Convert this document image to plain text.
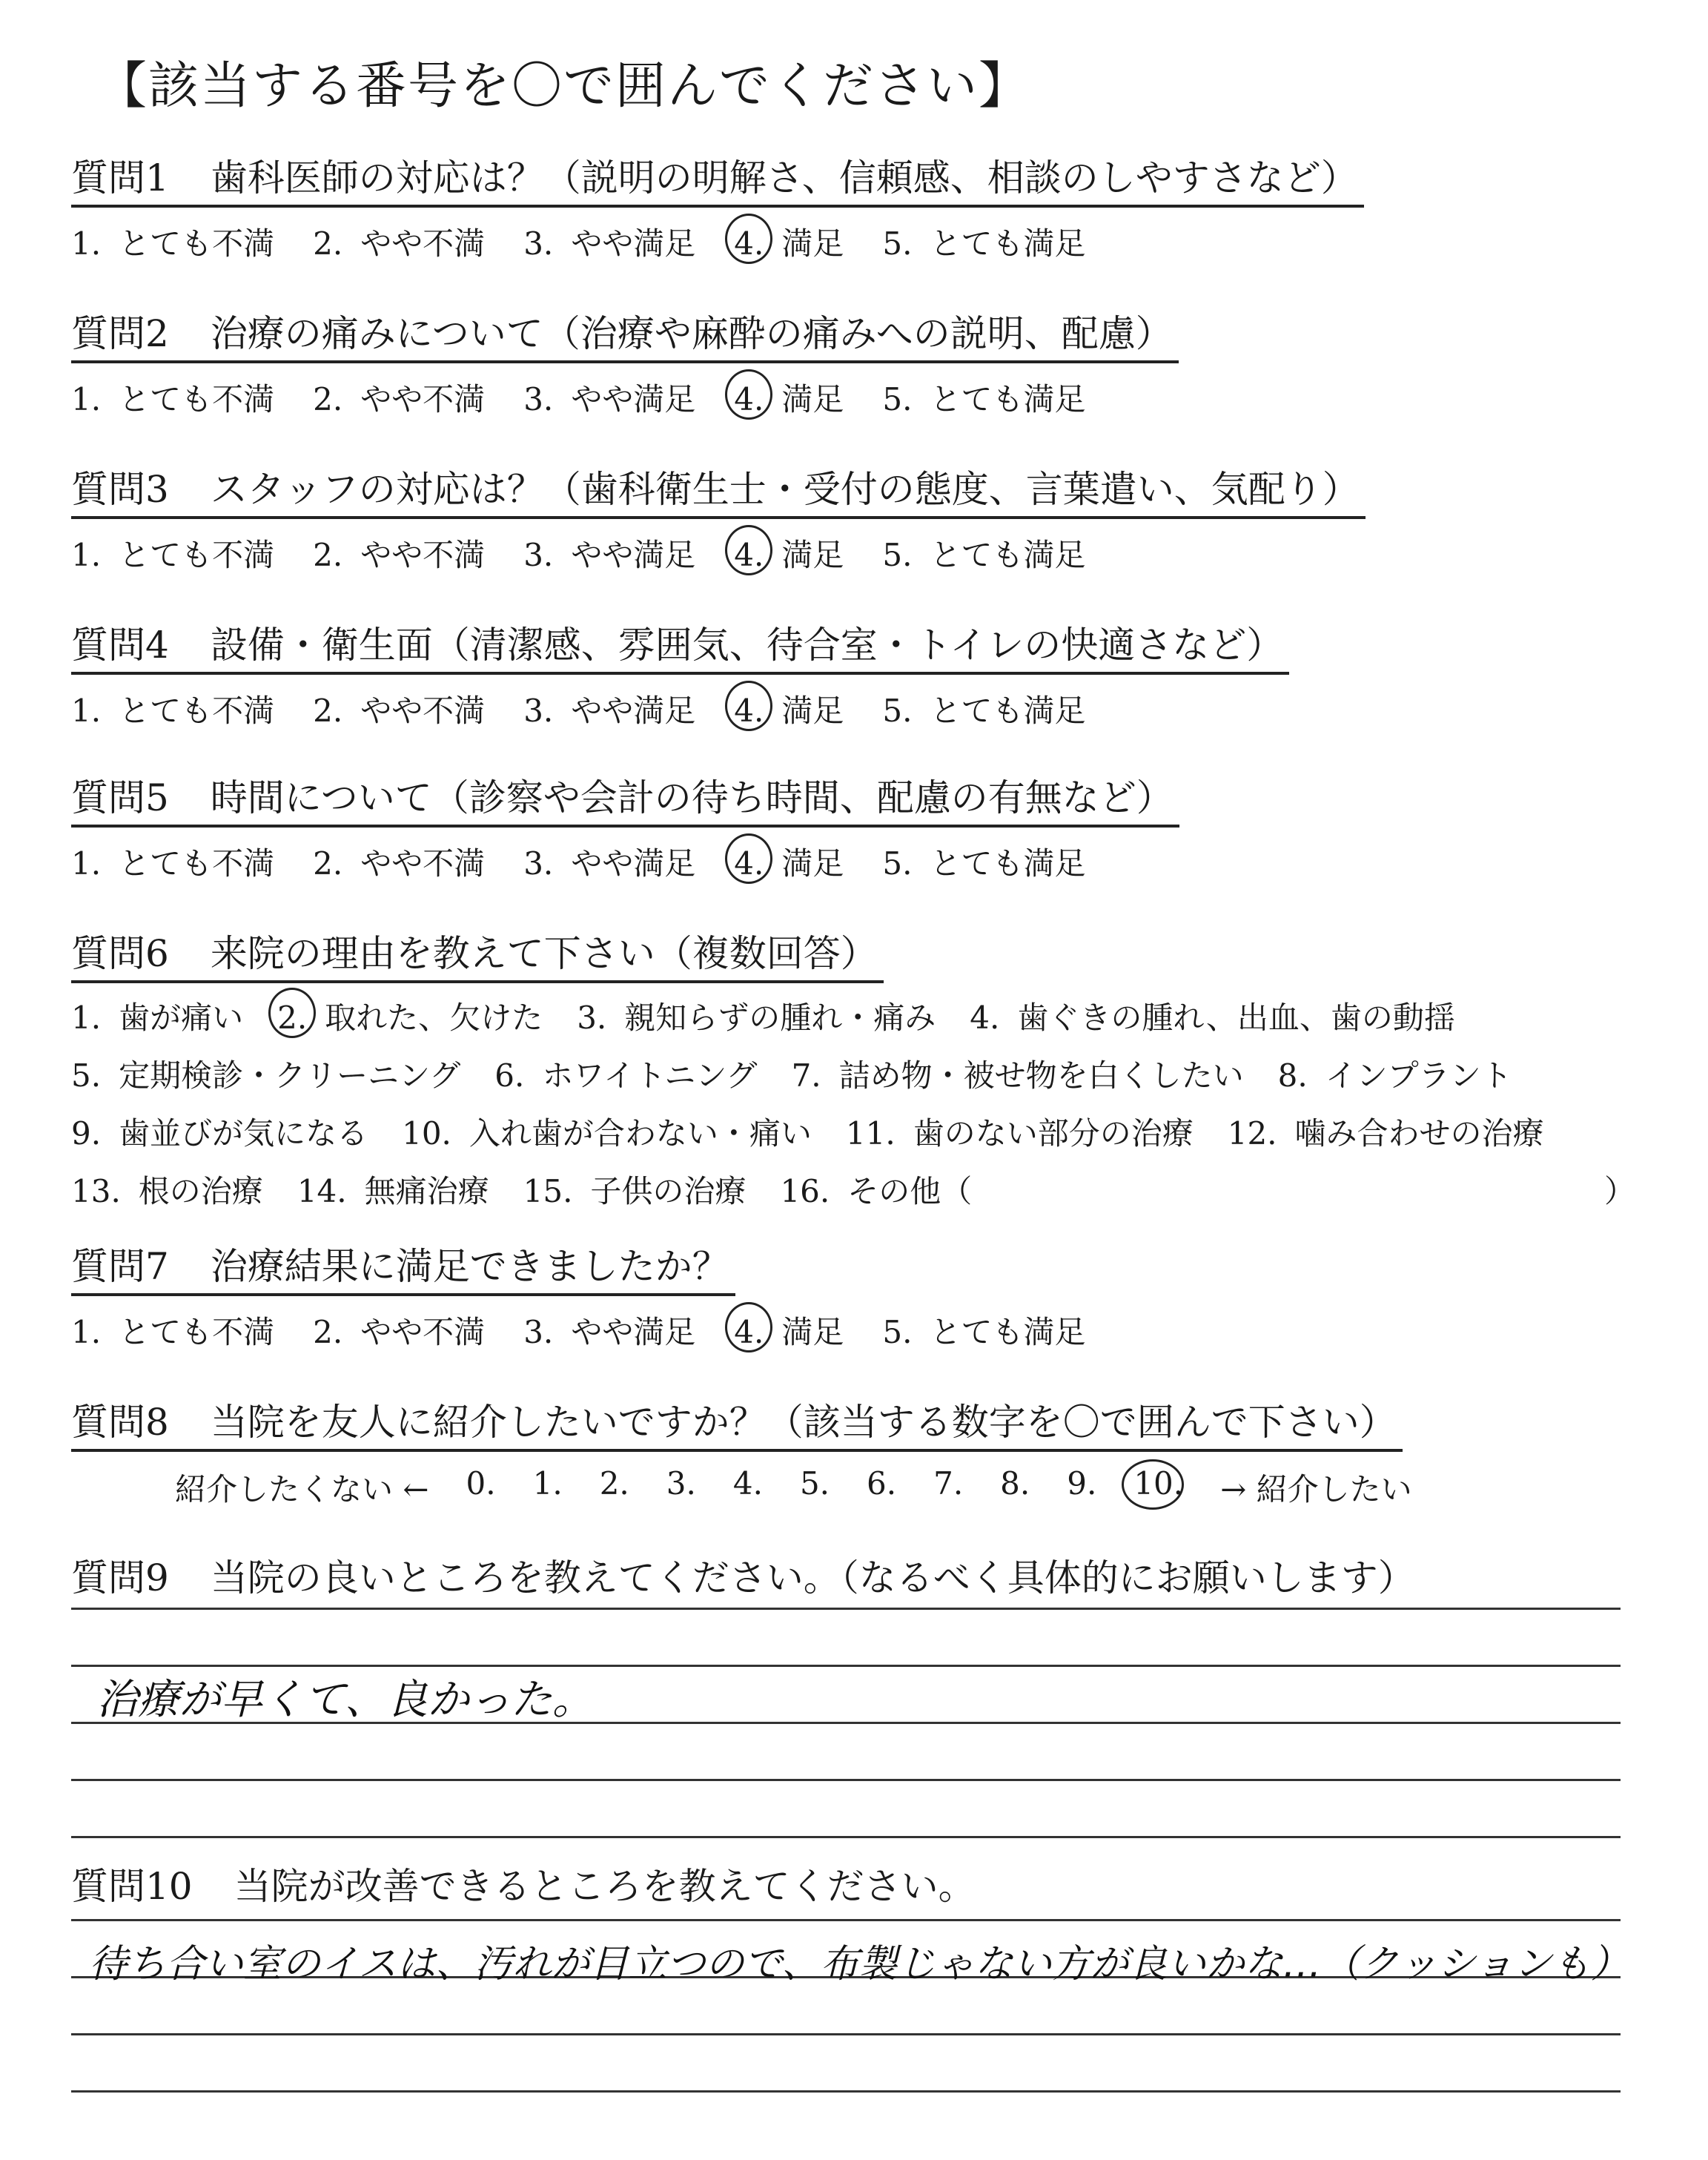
【該当する番号を〇で囲んでください】
質問1 歯科医師の対応は？（説明の明解さ、信頼感、相談のしやすさなど）
1. とても不満 2. やや不満 3. やや満足 4. 満足 5. とても満足
質問2 治療の痛みについて（治療や麻酔の痛みへの説明、配慮）
1. とても不満 2. やや不満 3. やや満足 4. 満足 5. とても満足
質問3 スタッフの対応は？（歯科衛生士・受付の態度、言葉遣い、気配り）
1. とても不満 2. やや不満 3. やや満足 4. 満足 5. とても満足
質問4 設備・衛生面（清潔感、雰囲気、待合室・トイレの快適さなど）
1. とても不満 2. やや不満 3. やや満足 4. 満足 5. とても満足
質問5 時間について（診察や会計の待ち時間、配慮の有無など）
1. とても不満 2. やや不満 3. やや満足 4. 満足 5. とても満足
質問6 来院の理由を教えて下さい（複数回答）
1. 歯が痛い 2. 取れた、欠けた 3. 親知らずの腫れ・痛み 4. 歯ぐきの腫れ、出血、歯の動揺
5. 定期検診・クリーニング 6. ホワイトニング 7. 詰め物・被せ物を白くしたい 8. インプラント
9. 歯並びが気になる 10. 入れ歯が合わない・痛い 11. 歯のない部分の治療 12. 噛み合わせの治療
13. 根の治療 14. 無痛治療 15. 子供の治療 16. その他（	）
質問7 治療結果に満足できましたか？
1. とても不満 2. やや不満 3. やや満足 4. 満足 5. とても満足
質問8 当院を友人に紹介したいですか？（該当する数字を〇で囲んで下さい）
紹介したくない ← 0. 1. 2. 3. 4. 5. 6. 7. 8. 9. 10. → 紹介したい
質問9 当院の良いところを教えてください。（なるべく具体的にお願いします）
治療が早くて、良かった。
質問10 当院が改善できるところを教えてください。
待ち合い室のイスは、汚れが目立つので、布製じゃない方が良いかな…（クッションも）
